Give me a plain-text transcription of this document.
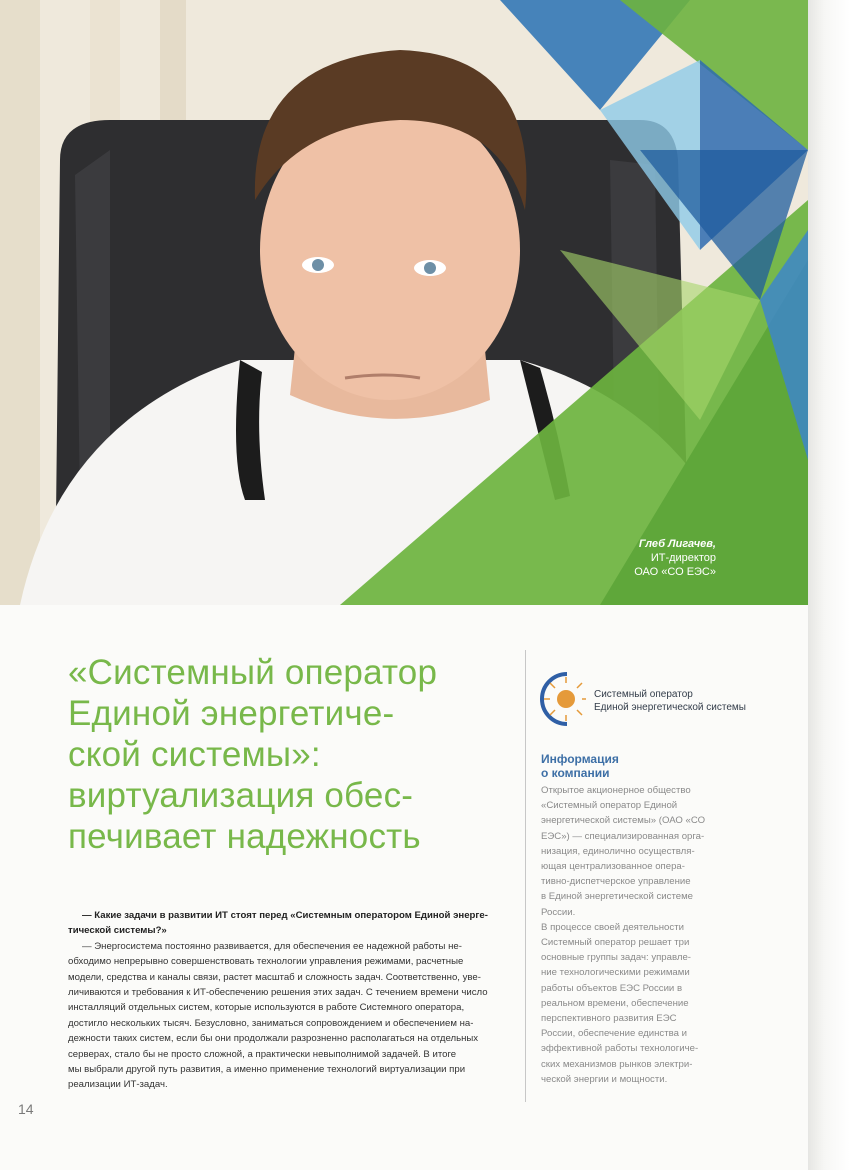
Глеб Лигачев,
ИТ-директор
ОАО «СО ЕЭС»
«Системный оператор
Единой энергетиче-
ской системы»:
виртуализация обес-
печивает надежность
Системный оператор
Единой энергетической системы
Информация
о компании
Открытое акционерное общество
«Системный оператор Единой
энергетической системы» (ОАО «СО
ЕЭС») — специализированная орга-
низация, единолично осуществля-
ющая централизованное опера-
тивно-диспетчерское управление
в Единой энергетической системе
России.
В процессе своей деятельности
Системный оператор решает три
основные группы задач: управле-
ние технологическими режимами
работы объектов ЕЭС России в
реальном времени, обеспечение
перспективного развития ЕЭС
России, обеспечение единства и
эффективной работы технологиче-
ских механизмов рынков электри-
ческой энергии и мощности.
— Какие задачи в развитии ИТ стоят перед «Системным оператором Единой энерге-
тической системы?»
— Энергосистема постоянно развивается, для обеспечения ее надежной работы не-
обходимо непрерывно совершенствовать технологии управления режимами, расчетные
модели, средства и каналы связи, растет масштаб и сложность задач. Соответственно, уве-
личиваются и требования к ИТ-обеспечению решения этих задач. С течением времени число
инсталляций отдельных систем, которые используются в работе Системного оператора,
достигло нескольких тысяч. Безусловно, заниматься сопровождением и обеспечением на-
дежности таких систем, если бы они продолжали разрозненно располагаться на отдельных
серверах, стало бы не просто сложной, а практически невыполнимой задачей. В итоге
мы выбрали другой путь развития, а именно применение технологий виртуализации при
реализации ИТ-задач.
14
